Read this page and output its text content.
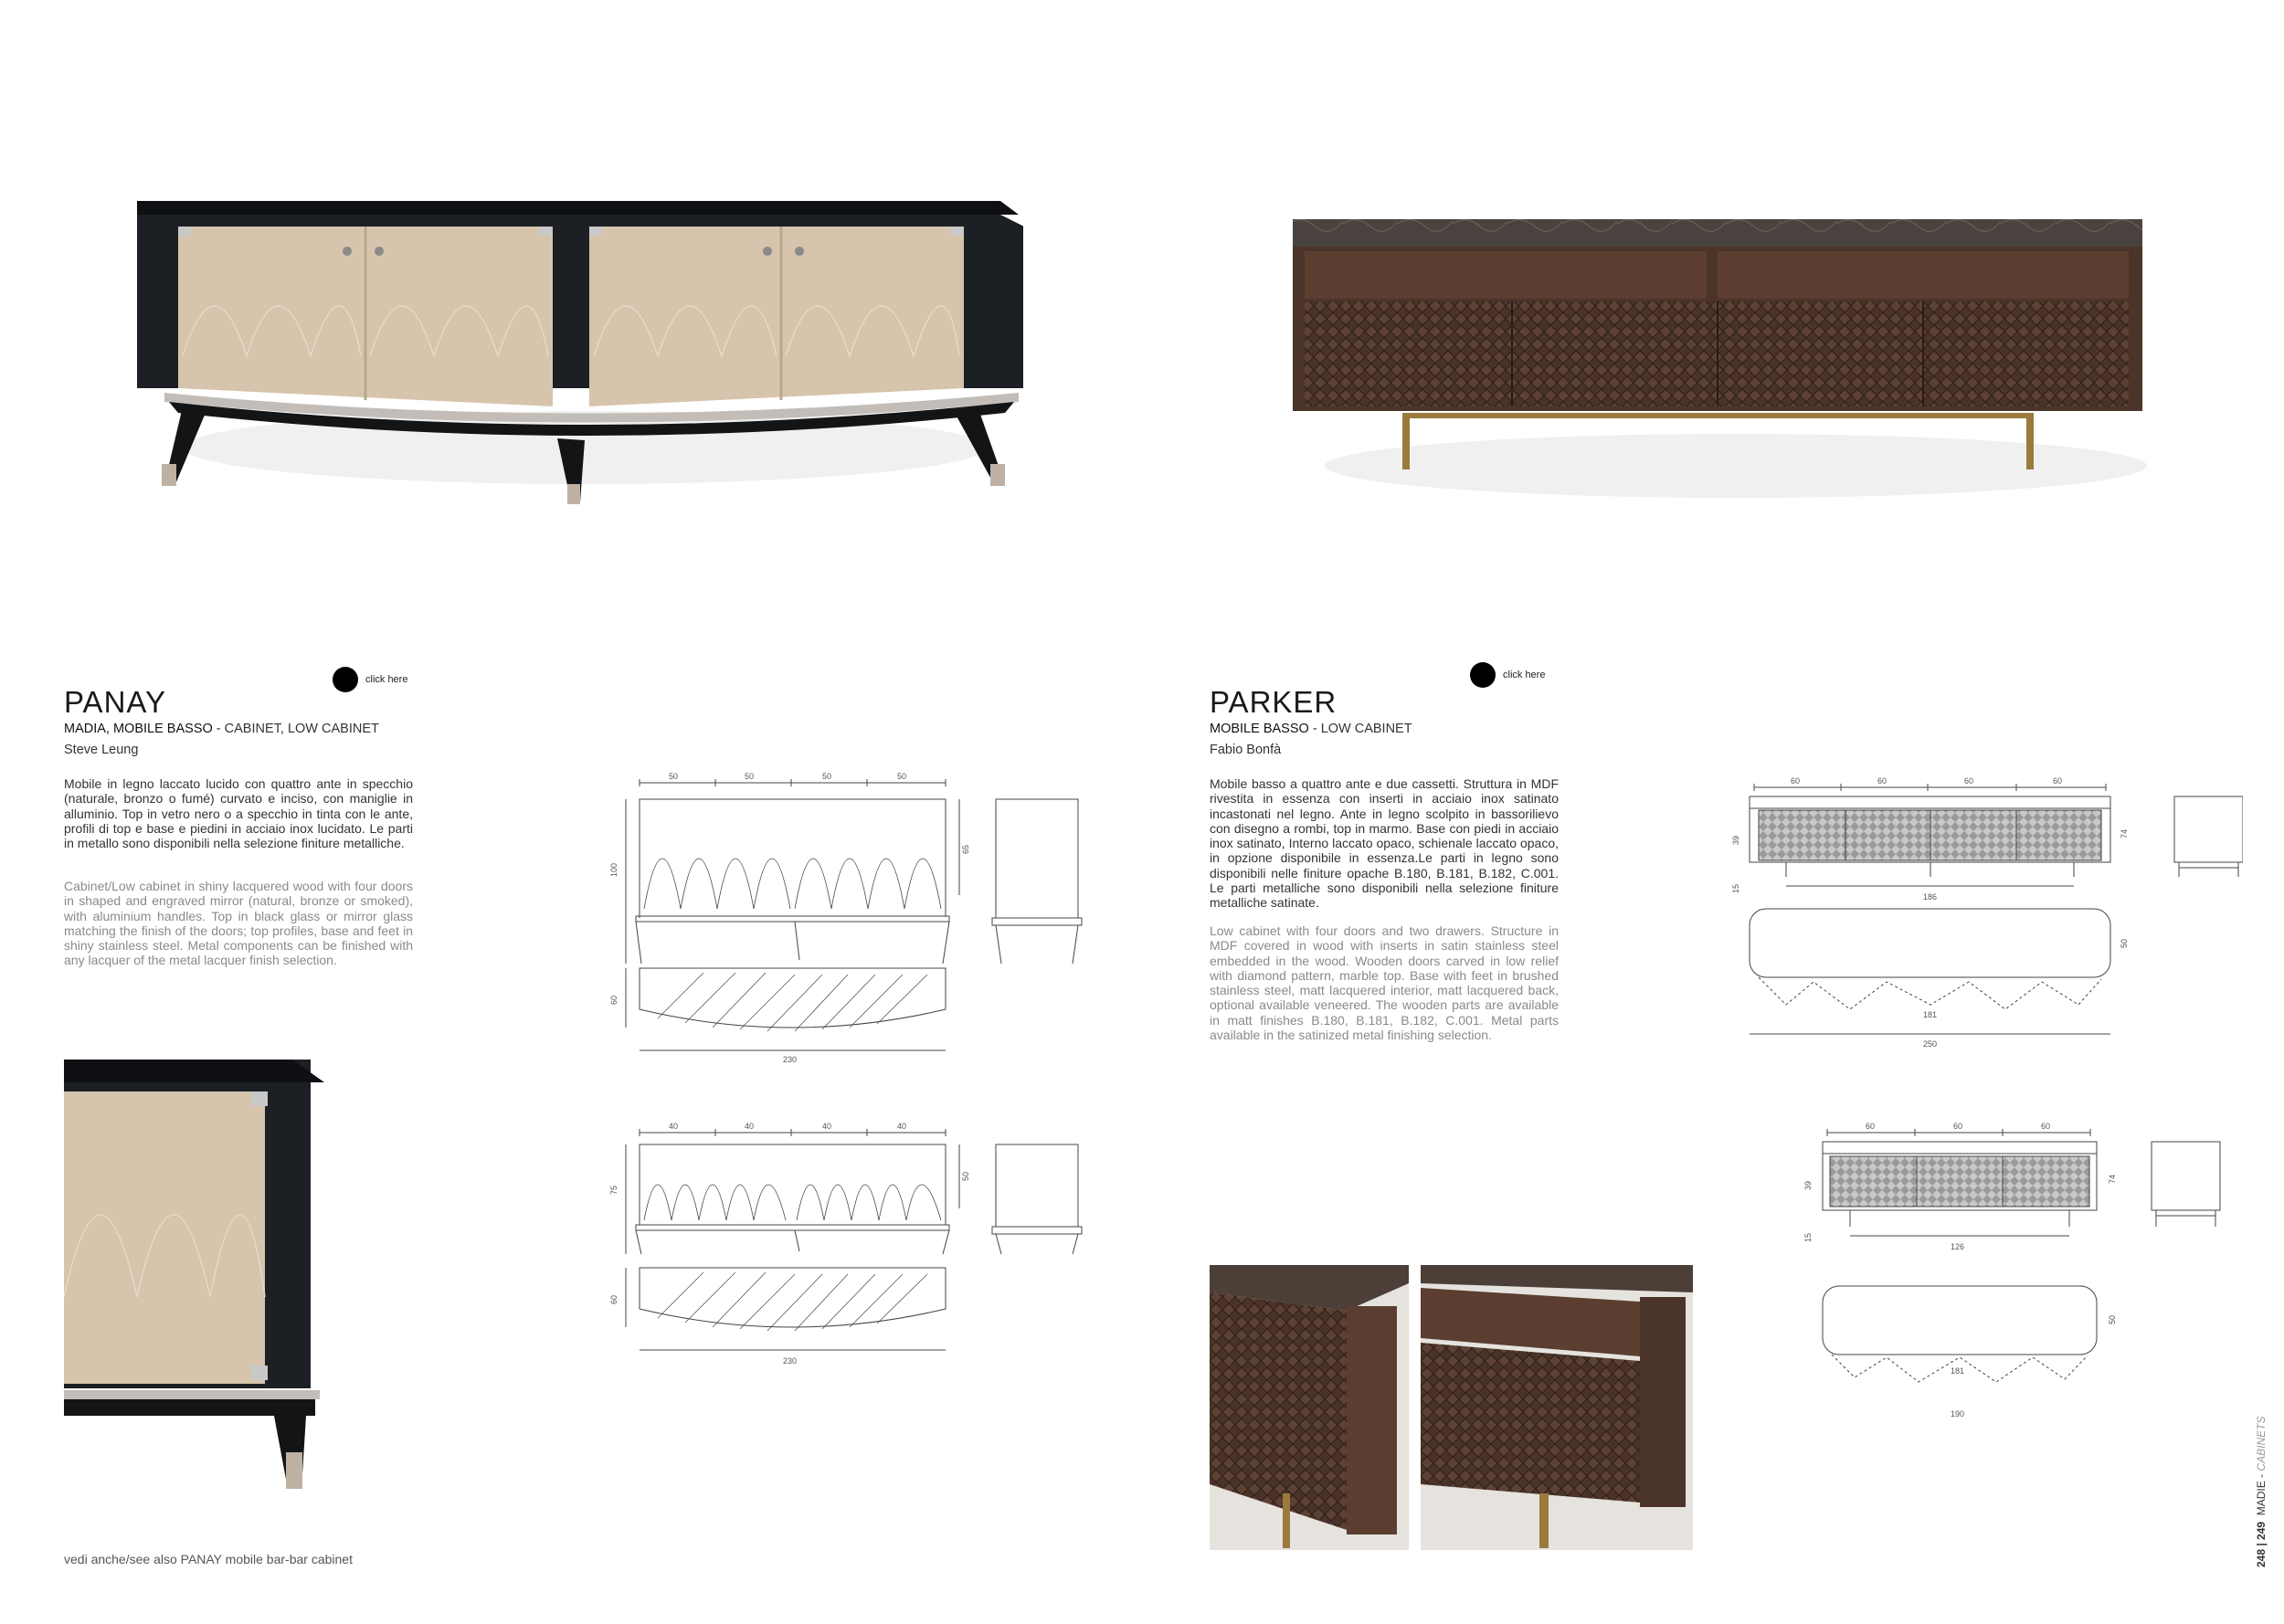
click here
PANAY
MADIA, MOBILE BASSO - CABINET, LOW CABINET
Steve Leung
Mobile in legno laccato lucido con quattro ante in specchio (naturale, bronzo o fumé) curvato e inciso, con maniglie in alluminio. Top in vetro nero o a specchio in tinta con le ante, profili di top e base e piedini in acciaio inox lucidato. Le parti in metallo sono disponibili nella selezione finiture metalliche.
Cabinet/Low cabinet in shiny lacquered wood with four doors in shaped and engraved mirror (natural, bronze or smoked), with aluminium handles. Top in black glass or mirror glass matching the finish of the doors; top profiles, base and feet in shiny stainless steel. Metal components can be finished with any lacquer of the metal lacquer finish selection.
vedi anche/see also PANAY mobile bar-bar cabinet
click here
PARKER
MOBILE BASSO - LOW CABINET
Fabio Bonfà
Mobile basso a quattro ante e due cassetti. Struttura in MDF rivestita in essenza con inserti in acciaio inox satinato incastonati nel legno. Ante in legno scolpito in bassorilievo con disegno a rombi, top in marmo. Base con piedi in acciaio inox satinato, Interno laccato opaco, schienale laccato opaco, in opzione disponibile in essenza.Le parti in legno sono disponibili nelle finiture opache B.180, B.181, B.182, C.001. Le parti metalliche sono disponibili nella selezione finiture metalliche satinate.
Low cabinet with four doors and two drawers. Structure in MDF covered in wood with inserts in satin stainless steel embedded in the wood. Wooden doors carved in low relief with diamond pattern, marble top. Base with feet in brushed stainless steel, matt lacquered interior, matt lacquered back, optional available veneered. The wooden parts are available in matt finishes B.180, B.181, B.182, C.001. Metal parts available in the satinized metal finishing selection.
50	50	50	50
100
65
60
230
40	40	40	40
75
50
60
230
60	60	60	60
39
15
74
186
50
181
250
60	60	60
39
15
74
126
50
181
190
248 | 249  MADIE - CABINETS
